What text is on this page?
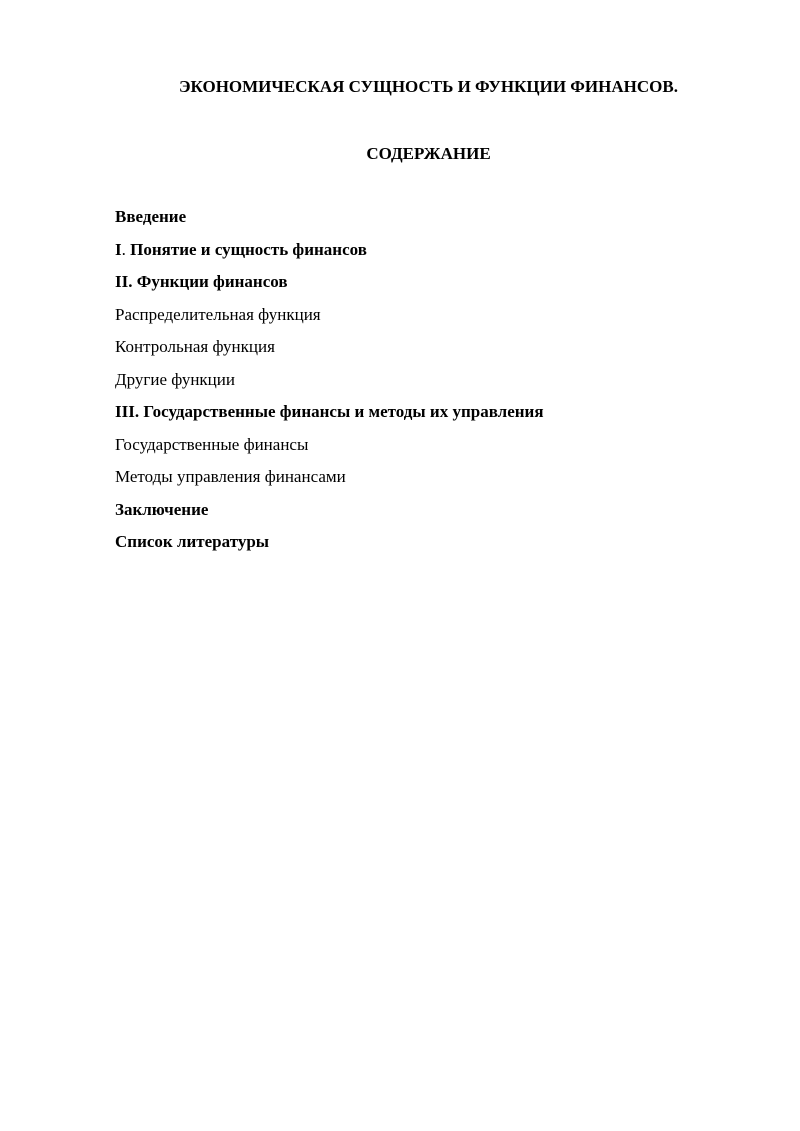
ЭКОНОМИЧЕСКАЯ СУЩНОСТЬ И ФУНКЦИИ ФИНАНСОВ.
СОДЕРЖАНИЕ
Введение
I . Понятие и сущность финансов
II. Функции финансов
Распределительная функция
Контрольная функция
Другие функции
III. Государственные финансы и методы их управления
Государственные финансы
Методы управления финансами
Заключение
Список литературы
